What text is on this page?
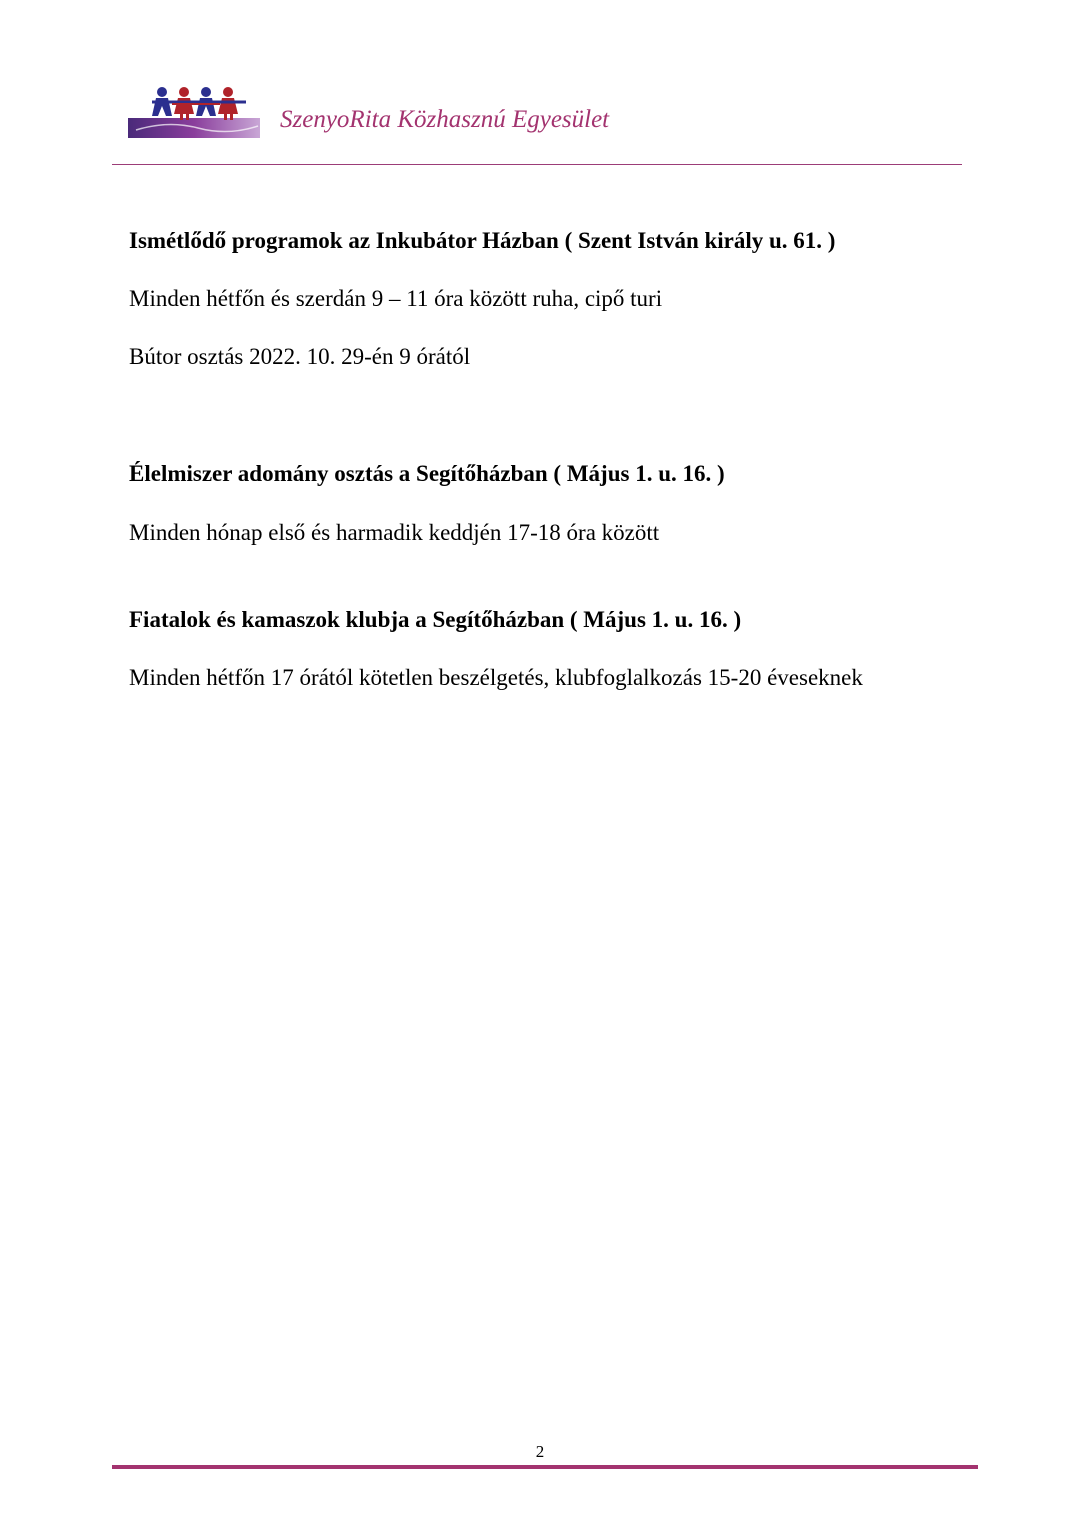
SzenyoRita Közhasznú Egyesület
Ismétlődő programok az Inkubátor Házban ( Szent István király u. 61. )
Minden hétfőn és szerdán 9 – 11 óra között ruha, cipő turi
Bútor osztás 2022. 10. 29-én 9 órától
Élelmiszer adomány osztás a Segítőházban ( Május 1. u. 16. )
Minden hónap első és harmadik keddjén 17-18 óra között
Fiatalok és kamaszok klubja a Segítőházban ( Május 1. u. 16. )
Minden hétfőn 17 órától kötetlen beszélgetés, klubfoglalkozás 15-20 éveseknek
2
